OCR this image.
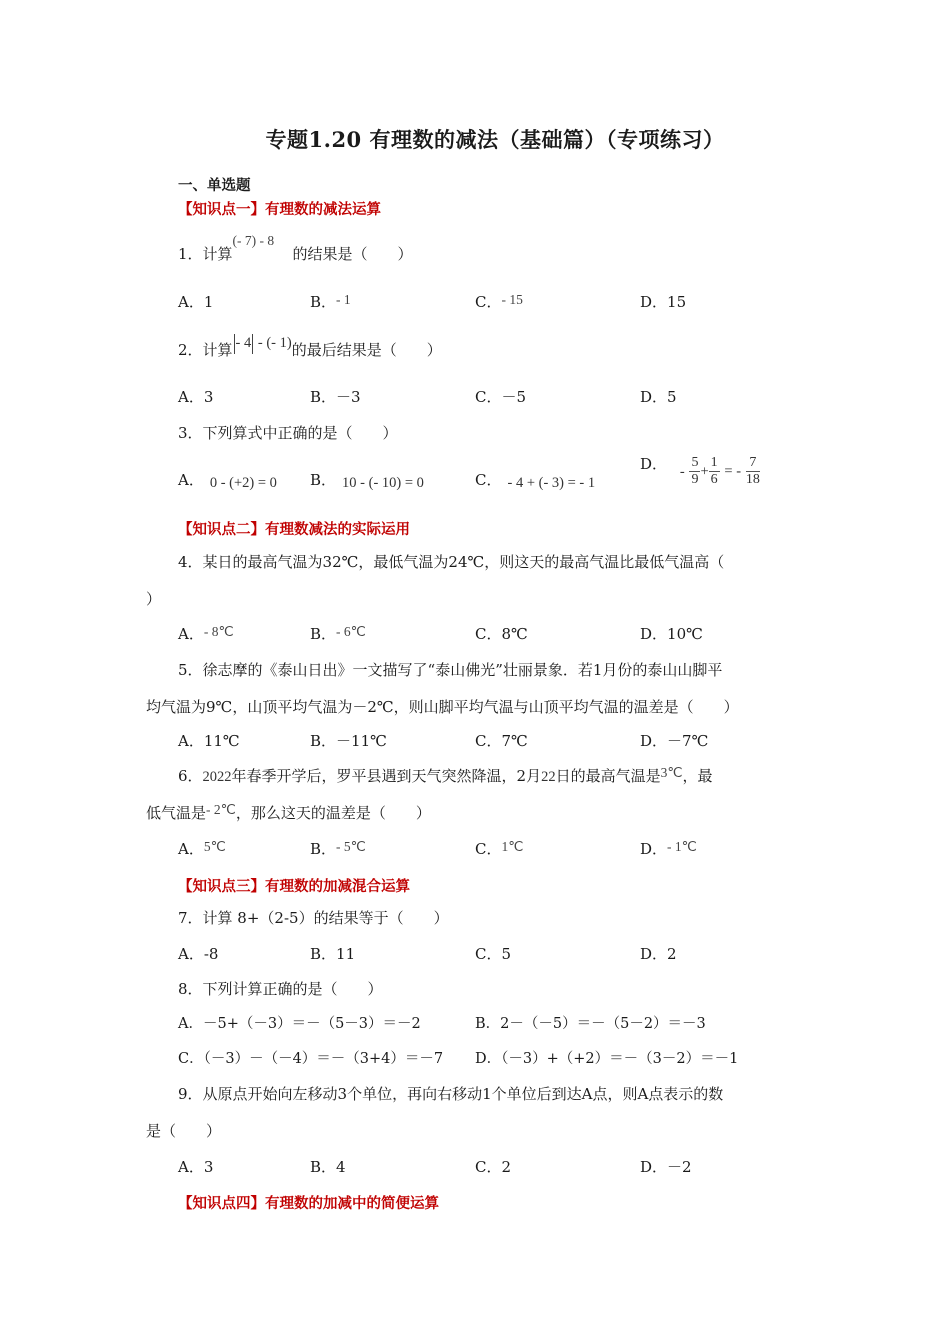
专题1.20 有理数的减法（基础篇）（专项练习）
一、单选题
【知识点一】有理数的减法运算
1．计算(- 7) - 8的结果是（　　）
A．1	B．- 1	C．- 15	D．15
2．计算 - 4 - (- 1)的最后结果是（　　）
A．3	B．－3	C．－5	D．5
3．下列算式中正确的是（　　）
A． 0 - (+2) = 0 B． 10 - (- 10) = 0	C． - 4 + (- 3) = - 1
D． - $\frac{5}{9} + \frac{1}{6}$ = - $\frac{7}{18}$
【知识点二】有理数减法的实际运用
4．某日的最高气温为32℃，最低气温为24℃，则这天的最高气温比最低气温高（
）
A．- 8℃	B．- 6℃	C．8℃	D．10℃
5．徐志摩的《泰山日出》一文描写了“泰山佛光”壮丽景象．若1月份的泰山山脚平
均气温为9℃，山顶平均气温为－2℃，则山脚平均气温与山顶平均气温的温差是（　　）
A．11℃	B．－11℃	C．7℃	D．－7℃
6．2022年春季开学后，罗平县遇到天气突然降温，2月22日的最高气温是3℃，最
低气温是- 2℃，那么这天的温差是（　　）
A．5℃	B．- 5℃	C．1℃	D．- 1℃
【知识点三】有理数的加减混合运算
7．计算 8+（2-5）的结果等于（　　）
A．-8	B．11	C．5	D．2
8．下列计算正确的是（　　）
A．－5+（－3）＝－（5－3）＝－2	B．2－（－5）＝－（5－2）＝－3
C．（－3）－（－4）＝－（3+4）＝－7 D．（－3）+（+2）＝－（3－2）＝－1
9．从原点开始向左移动3个单位，再向右移动1个单位后到达A点，则A点表示的数
是（　　）
A．3	B．4	C．2	D．－2
【知识点四】有理数的加减中的简便运算
